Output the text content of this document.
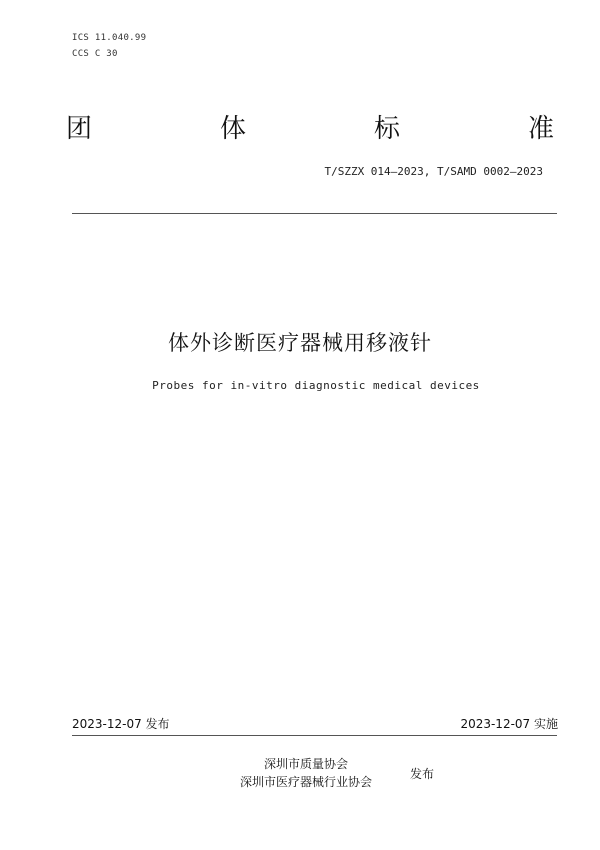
ICS 11.040.99
CCS C 30
团	体	标	准
T/SZZX 014—2023, T/SAMD 0002—2023
体外诊断医疗器械用移液针
Probes for in-vitro diagnostic medical devices
2023-12-07 发布	2023-12-07 实施
深圳市质量协会
深圳市医疗器械行业协会
发布
